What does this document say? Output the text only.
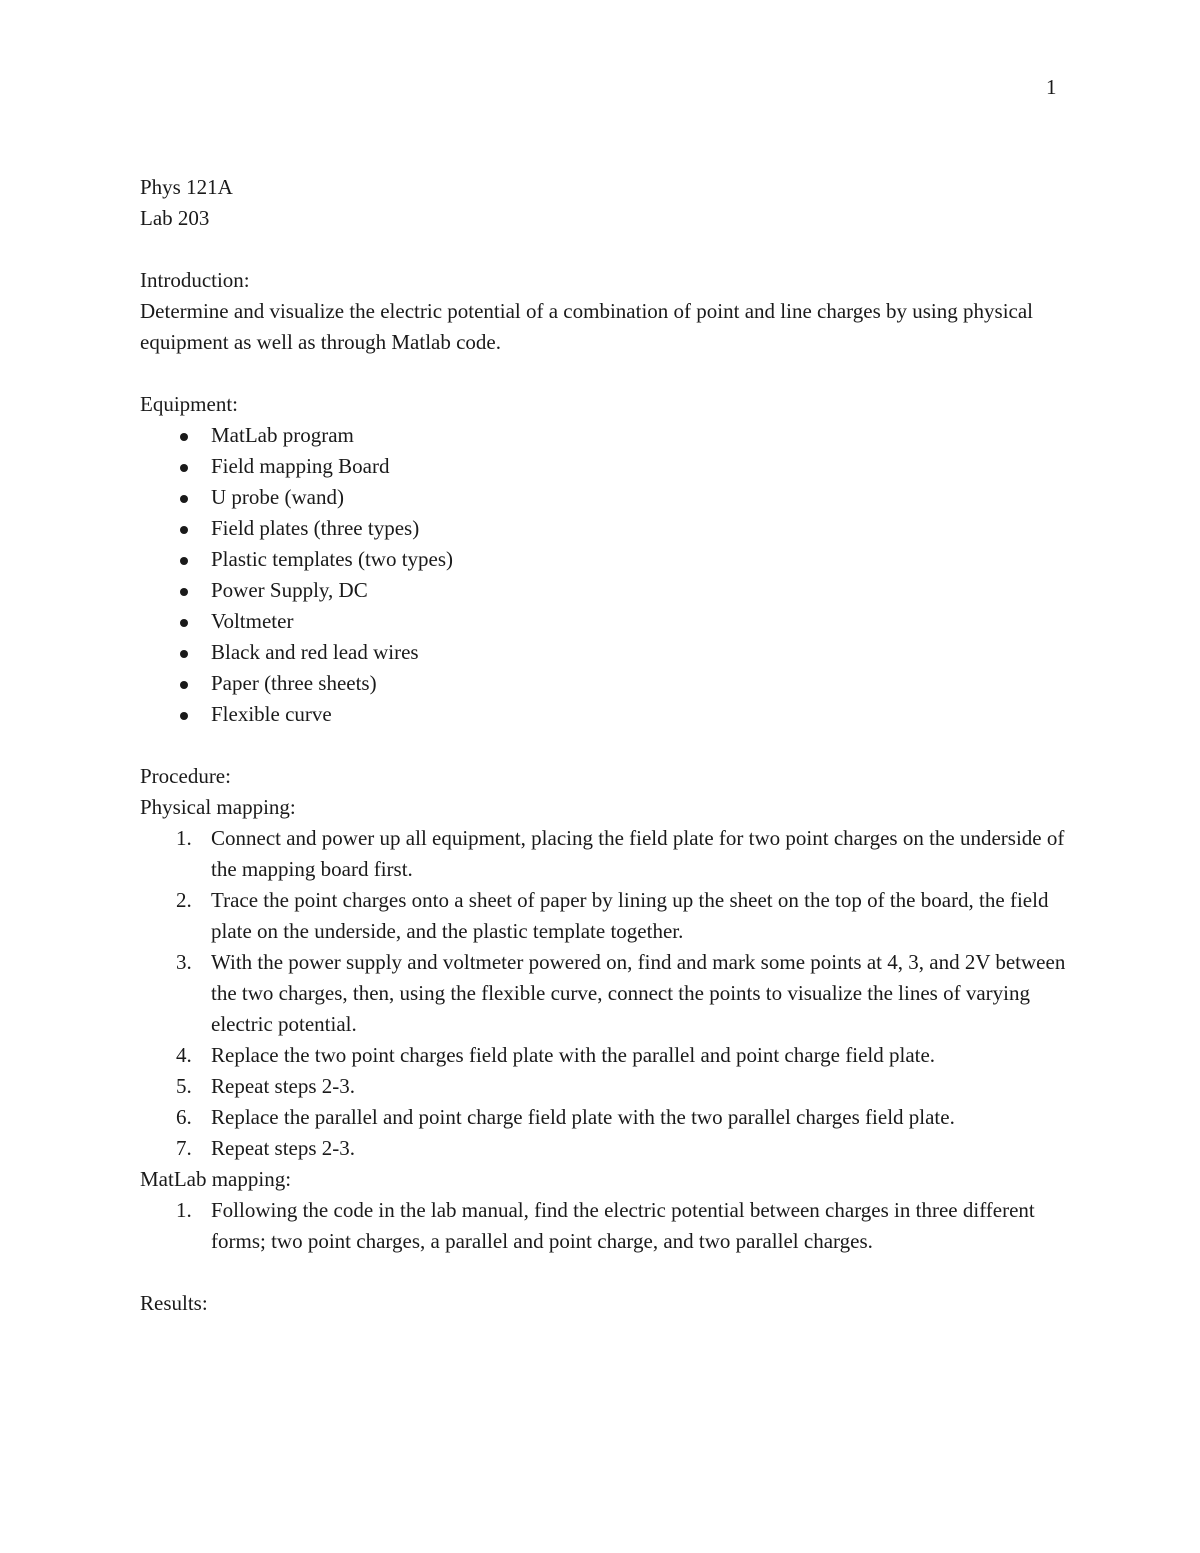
1
Phys 121A
Lab 203
Introduction:
Determine and visualize the electric potential of a combination of point and line charges by using physical equipment as well as through Matlab code.
Equipment:
MatLab program
Field mapping Board
U probe (wand)
Field plates (three types)
Plastic templates (two types)
Power Supply, DC
Voltmeter
Black and red lead wires
Paper (three sheets)
Flexible curve
Procedure:
Physical mapping:
1. Connect and power up all equipment, placing the field plate for two point charges on the underside of the mapping board first.
2. Trace the point charges onto a sheet of paper by lining up the sheet on the top of the board, the field plate on the underside, and the plastic template together.
3. With the power supply and voltmeter powered on, find and mark some points at 4, 3, and 2V between the two charges, then, using the flexible curve, connect the points to visualize the lines of varying electric potential.
4. Replace the two point charges field plate with the parallel and point charge field plate.
5. Repeat steps 2-3.
6. Replace the parallel and point charge field plate with the two parallel charges field plate.
7. Repeat steps 2-3.
MatLab mapping:
1. Following the code in the lab manual, find the electric potential between charges in three different forms; two point charges, a parallel and point charge, and two parallel charges.
Results:
